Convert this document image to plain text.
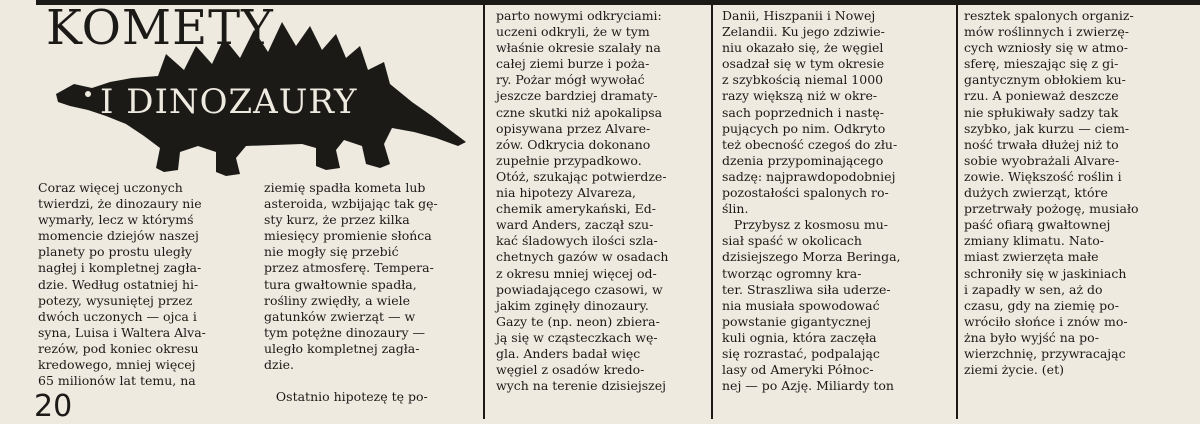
KOMETY
I DINOZAURY

Coraz więcej uczonych
twierdzi, że dinozaury nie
wymarły, lecz w którymś
momencie dziejów naszej
planety po prostu uległy
nagłej i kompletnej zagła-
dzie. Według ostatniej hi-
potezy, wysuniętej przez
dwóch uczonych — ojca i
syna, Luisa i Waltera Alva-
rezów, pod koniec okresu
kredowego, mniej więcej
65 milionów lat temu, na

ziemię spadła kometa lub
asteroida, wzbijając tak gę-
sty kurz, że przez kilka
miesięcy promienie słońca
nie mogły się przebić
przez atmosferę. Tempera-
tura gwałtownie spadła,
rośliny zwiędły, a wiele
gatunków zwierząt — w
tym potężne dinozaury —
uległo kompletnej zagła-
dzie.

Ostatnio hipotezę tę po-

parto nowymi odkryciami:
uczeni odkryli, że w tym
właśnie okresie szalały na
całej ziemi burze i poża-
ry. Pożar mógł wywołać
jeszcze bardziej dramaty-
czne skutki niż apokalipsa
opisywana przez Alvare-
zów. Odkrycia dokonano
zupełnie przypadkowo.
Otóż, szukając potwierdze-
nia hipotezy Alvareza,
chemik amerykański, Ed-
ward Anders, zaczął szu-
kać śladowych ilości szla-
chetnych gazów w osadach
z okresu mniej więcej od-
powiadającego czasowi, w
jakim zginęły dinozaury.
Gazy te (np. neon) zbiera-
ją się w cząsteczkach wę-
gla. Anders badał więc
węgiel z osadów kredo-
wych na terenie dzisiejszej

Danii, Hiszpanii i Nowej
Zelandii. Ku jego zdziwie-
niu okazało się, że węgiel
osadzał się w tym okresie
z szybkością niemal 1000
razy większą niż w okre-
sach poprzednich i nastę-
pujących po nim. Odkryto
też obecność czegoś do złu-
dzenia przypominającego
sadzę: najprawdopodobniej
pozostałości spalonych ro-
ślin.
Przybysz z kosmosu mu-
siał spaść w okolicach
dzisiejszego Morza Beringa,
tworząc ogromny kra-
ter. Straszliwa siła uderze-
nia musiała spowodować
powstanie gigantycznej
kuli ognia, która zaczęła
się rozrastać, podpalając
lasy od Ameryki Północ-
nej — po Azję. Miliardy ton

resztek spalonych organiz-
mów roślinnych i zwierzę-
cych wzniosły się w atmo-
sferę, mieszając się z gi-
gantycznym obłokiem ku-
rzu. A ponieważ deszcze
nie spłukiwały sadzy tak
szybko, jak kurzu — ciem-
ność trwała dłużej niż to
sobie wyobrażali Alvare-
zowie. Większość roślin i
dużych zwierząt, które
przetrwały pożogę, musiało
paść ofiarą gwałtownej
zmiany klimatu. Nato-
miast zwierzęta małe
schroniły się w jaskiniach
i zapadły w sen, aż do
czasu, gdy na ziemię po-
wróciło słońce i znów mo-
żna było wyjść na po-
wierzchnię, przywracając
ziemi życie. (et)

20
